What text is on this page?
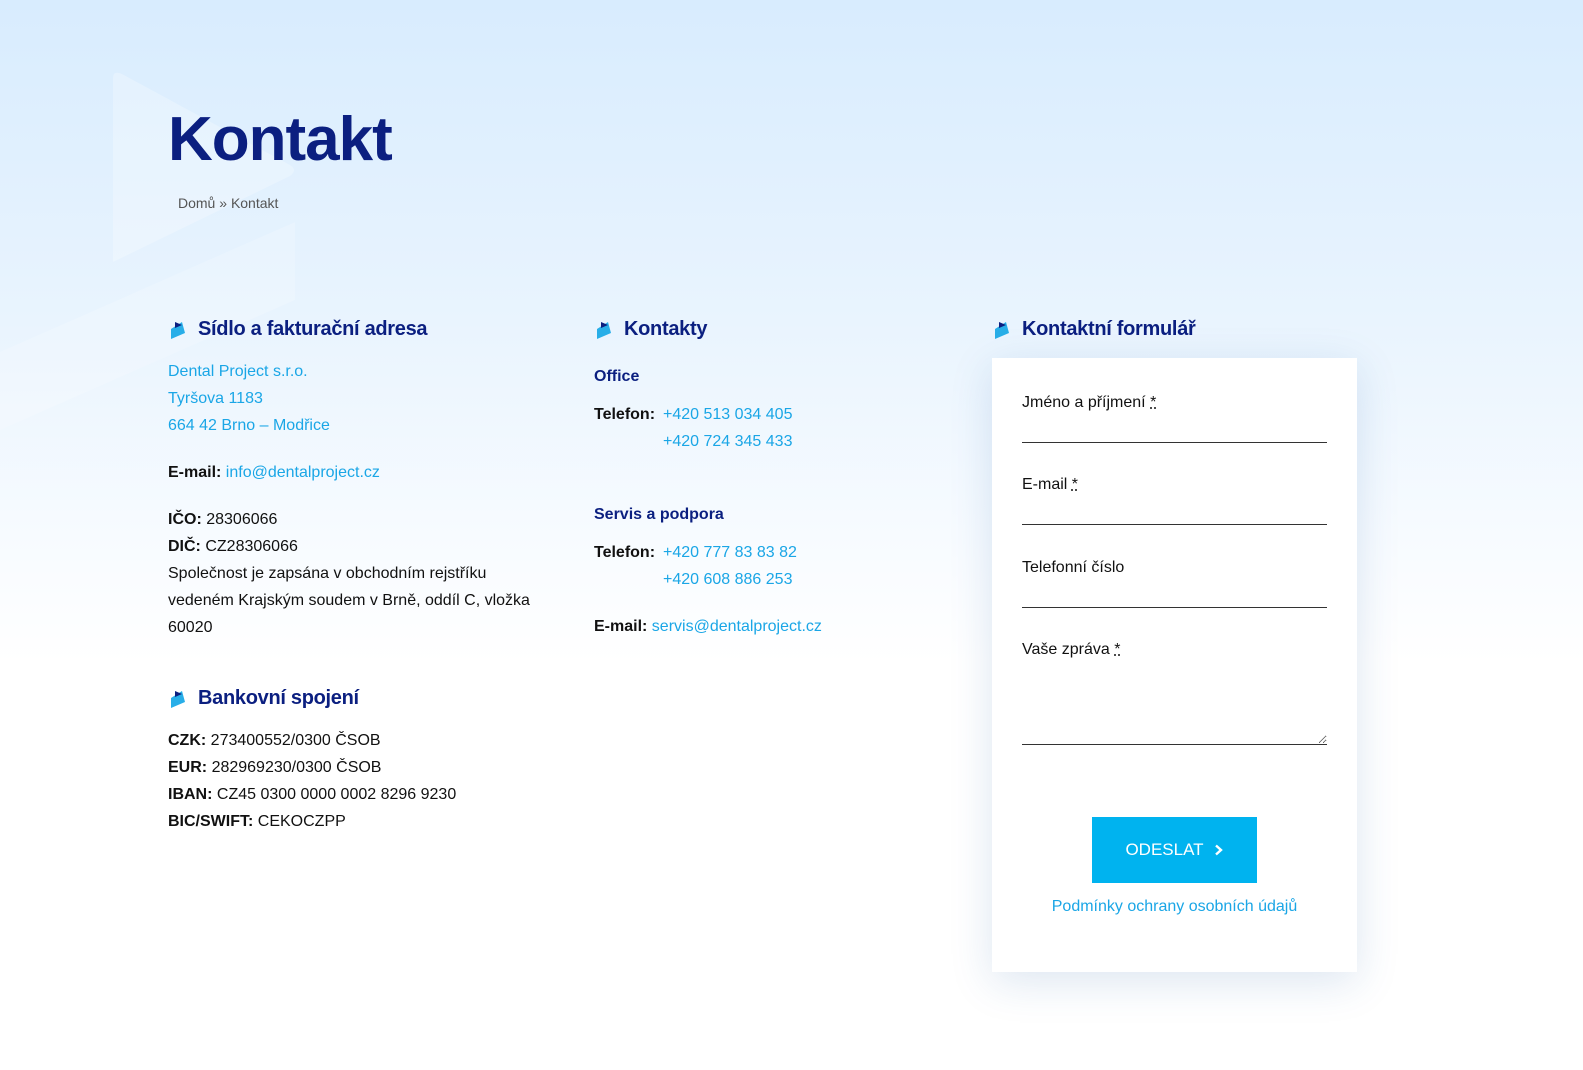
Kontakt
Domů » Kontakt
Sídlo a fakturační adresa
Dental Project s.r.o.
Tyršova 1183
664 42 Brno – Modřice
E-mail: info@dentalproject.cz
IČO: 28306066
DIČ: CZ28306066
Společnost je zapsána v obchodním rejstříku vedeném Krajským soudem v Brně, oddíl C, vložka 60020
Bankovní spojení
CZK: 273400552/0300 ČSOB
EUR: 282969230/0300 ČSOB
IBAN: CZ45 0300 0000 0002 8296 9230
BIC/SWIFT: CEKOCZPP
Kontakty
Office
Telefon: +420 513 034 405
+420 724 345 433
Servis a podpora
Telefon: +420 777 83 83 82
+420 608 886 253
E-mail: servis@dentalproject.cz
Kontaktní formulář
Jméno a příjmení *
E-mail *
Telefonní číslo
Vaše zpráva *
ODESLAT
Podmínky ochrany osobních údajů
